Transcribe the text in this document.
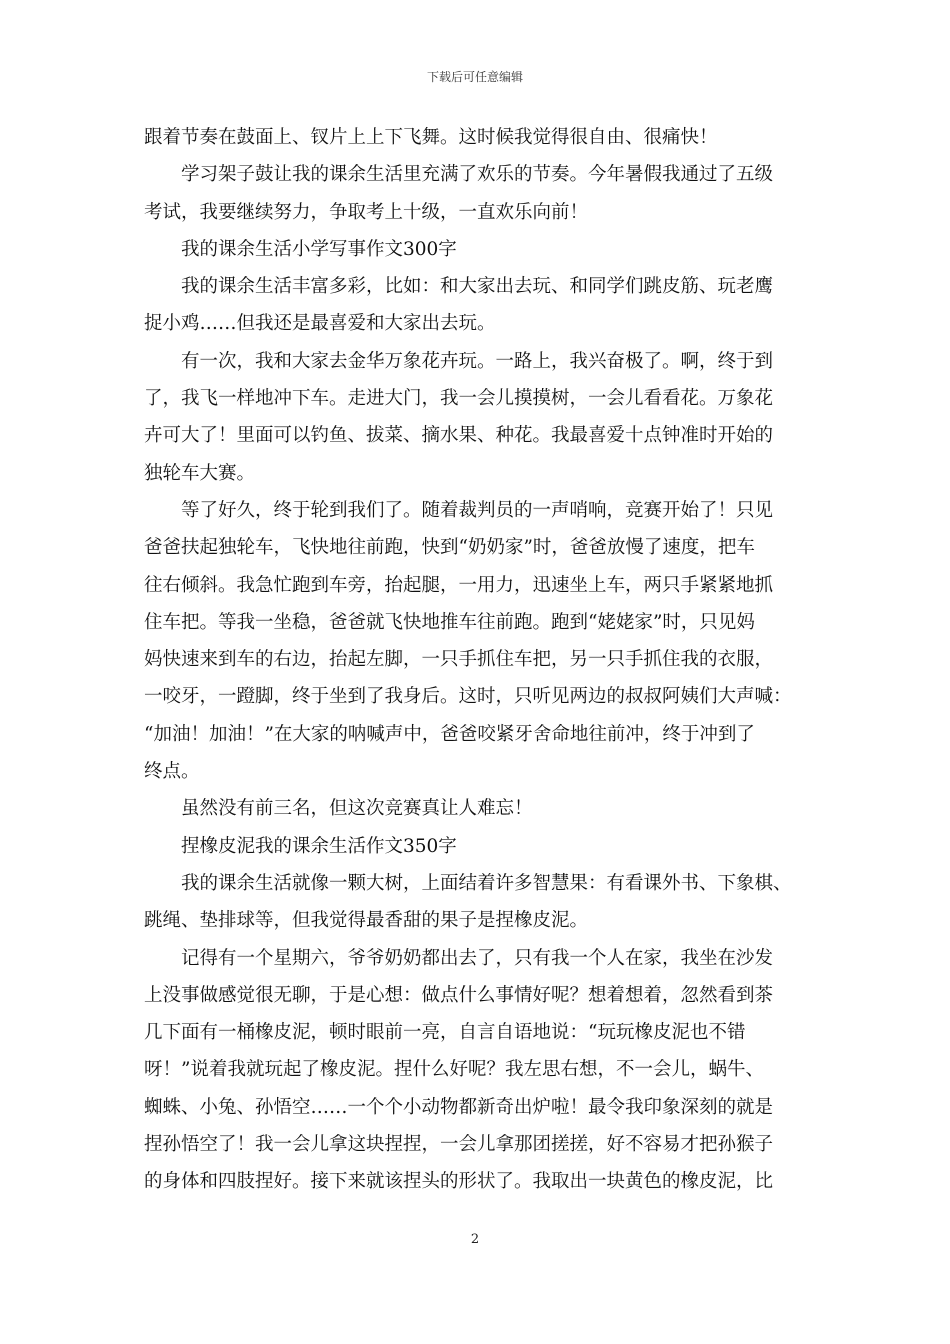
下载后可任意编辑
跟着节奏在鼓面上、钗片上上下飞舞。这时候我觉得很自由、很痛快！
学习架子鼓让我的课余生活里充满了欢乐的节奏。今年暑假我通过了五级
考试，我要继续努力，争取考上十级，一直欢乐向前！
我的课余生活小学写事作文300字
我的课余生活丰富多彩，比如：和大家出去玩、和同学们跳皮筋、玩老鹰
捉小鸡……但我还是最喜爱和大家出去玩。
有一次，我和大家去金华万象花卉玩。一路上，我兴奋极了。啊，终于到
了，我飞一样地冲下车。走进大门，我一会儿摸摸树，一会儿看看花。万象花
卉可大了！里面可以钓鱼、拔菜、摘水果、种花。我最喜爱十点钟准时开始的
独轮车大赛。
等了好久，终于轮到我们了。随着裁判员的一声哨响，竞赛开始了！只见
爸爸扶起独轮车，飞快地往前跑，快到“奶奶家”时，爸爸放慢了速度，把车
往右倾斜。我急忙跑到车旁，抬起腿，一用力，迅速坐上车，两只手紧紧地抓
住车把。等我一坐稳，爸爸就飞快地推车往前跑。跑到“姥姥家”时，只见妈
妈快速来到车的右边，抬起左脚，一只手抓住车把，另一只手抓住我的衣服，
一咬牙，一蹬脚，终于坐到了我身后。这时，只听见两边的叔叔阿姨们大声喊：
“加油！加油！”在大家的呐喊声中，爸爸咬紧牙舍命地往前冲，终于冲到了
终点。
虽然没有前三名，但这次竞赛真让人难忘！
捏橡皮泥我的课余生活作文350字
我的课余生活就像一颗大树，上面结着许多智慧果：有看课外书、下象棋、
跳绳、垫排球等，但我觉得最香甜的果子是捏橡皮泥。
记得有一个星期六，爷爷奶奶都出去了，只有我一个人在家，我坐在沙发
上没事做感觉很无聊，于是心想：做点什么事情好呢？想着想着，忽然看到茶
几下面有一桶橡皮泥，顿时眼前一亮，自言自语地说：“玩玩橡皮泥也不错
呀！”说着我就玩起了橡皮泥。捏什么好呢？我左思右想，不一会儿，蜗牛、
蜘蛛、小兔、孙悟空……一个个小动物都新奇出炉啦！最令我印象深刻的就是
捏孙悟空了！我一会儿拿这块捏捏，一会儿拿那团搓搓，好不容易才把孙猴子
的身体和四肢捏好。接下来就该捏头的形状了。我取出一块黄色的橡皮泥，比
2
